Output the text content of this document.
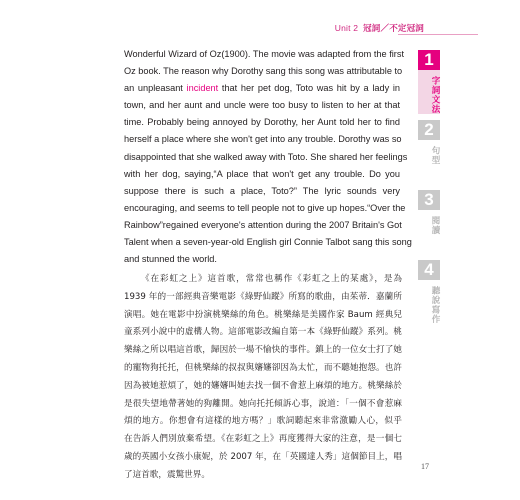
Unit 2 冠詞／不定冠詞
Wonderful Wizard of Oz(1900). The movie was adapted from the first
Oz book. The reason why Dorothy sang this song was attributable to
an unpleasant incident that her pet dog, Toto was hit by a lady in
town, and her aunt and uncle were too busy to listen to her at that
time. Probably being annoyed by Dorothy, her Aunt told her to find
herself a place where she won't get into any trouble. Dorothy was so
disappointed that she walked away with Toto. She shared her feelings
with her dog, saying,“A place that won't get any trouble. Do you
suppose there is such a place, Toto?” The lyric sounds very
encouraging, and seems to tell people not to give up hopes.“Over the
Rainbow”regained everyone's attention during the 2007 Britain's Got
Talent when a seven-year-old English girl Connie Talbot sang this song
and stunned the world.
《在彩虹之上》這首歌，常常也稱作《彩虹之上的某處》，是為
1939 年的一部經典音樂電影《綠野仙蹤》所寫的歌曲，由茱蒂．嘉蘭所
演唱。她在電影中扮演桃樂絲的角色。桃樂絲是美國作家 Baum 經典兒
童系列小說中的虛構人物。這部電影改編自第一本《綠野仙蹤》系列。桃
樂絲之所以唱這首歌，歸因於一場不愉快的事件。鎮上的一位女士打了她
的寵物狗托托，但桃樂絲的叔叔與嬸嬸卻因為太忙，而不聽她抱怨。也許
因為被她惹煩了，她的嬸嬸叫她去找一個不會惹上麻煩的地方。桃樂絲於
是很失望地帶著她的狗離開。她向托托傾訴心事，說道：「一個不會惹麻
煩的地方。你想會有這樣的地方嗎？」歌詞聽起來非常激勵人心，似乎
在告訴人們別放棄希望。《在彩虹之上》再度獲得大家的注意，是一個七
歲的英國小女孩小康妮，於 2007 年，在「英國達人秀」這個節目上，唱
了這首歌，震驚世界。
1
字詞文法
2
句型
3
閱讀
4
聽說寫作
17
